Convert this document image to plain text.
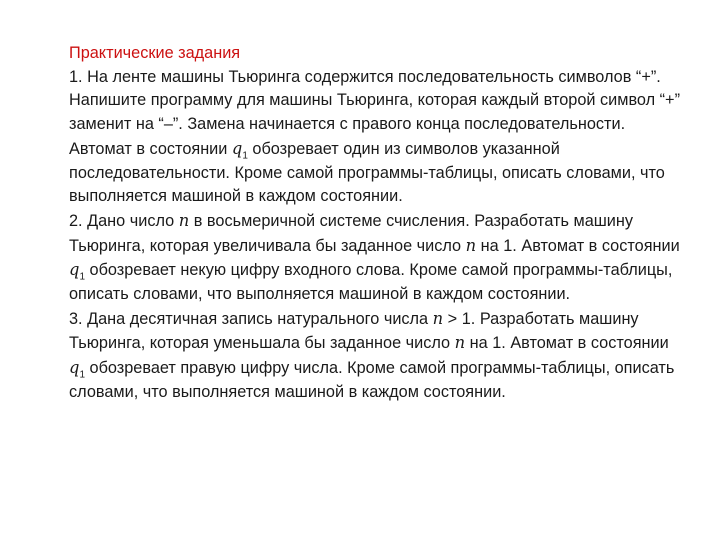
Практические задания

1. На ленте машины Тьюринга содержится последовательность символов “+”. Напишите программу для машины Тьюринга, которая каждый второй символ “+” заменит на “–”. Замена начинается с правого конца последовательности. Автомат в состоянии $q_1$ обозревает один из символов указанной последовательности. Кроме самой программы-таблицы, описать словами, что выполняется машиной в каждом состоянии.

2. Дано число n в восьмеричной системе счисления. Разработать машину Тьюринга, которая увеличивала бы заданное число n на 1. Автомат в состоянии $q_1$ обозревает некую цифру входного слова. Кроме самой программы-таблицы, описать словами, что выполняется машиной в каждом состоянии.

3. Дана десятичная запись натурального числа n > 1. Разработать машину Тьюринга, которая уменьшала бы заданное число n на 1. Автомат в состоянии $q_1$ обозревает правую цифру числа. Кроме самой программы-таблицы, описать словами, что выполняется машиной в каждом состоянии.
